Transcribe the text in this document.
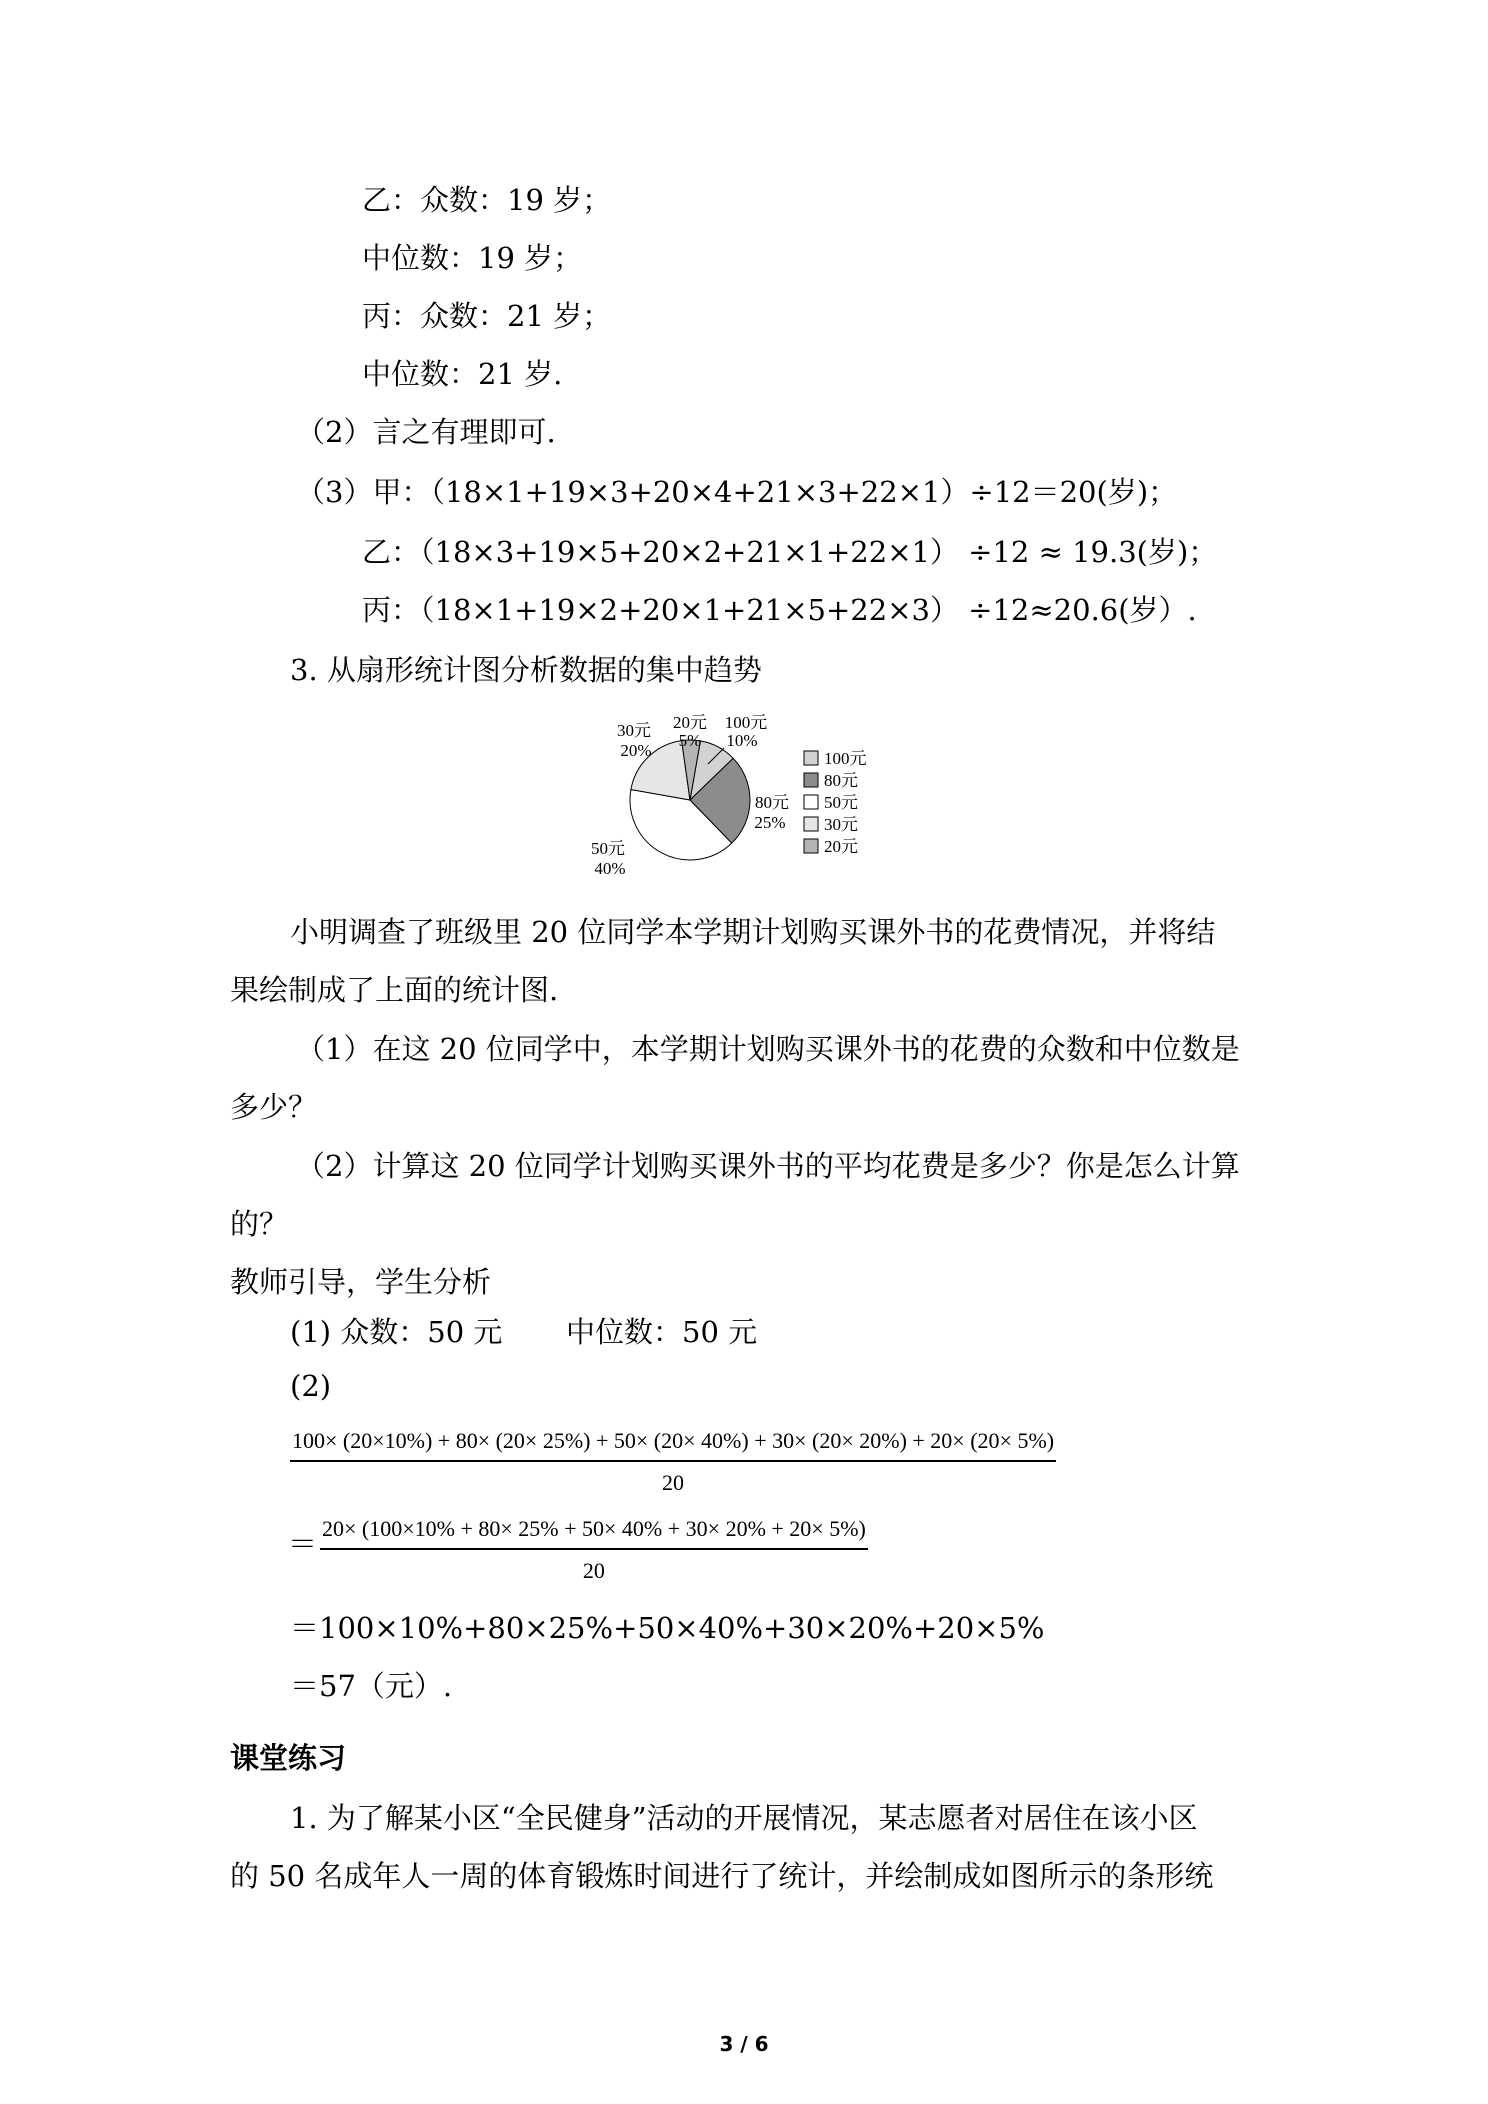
乙：众数：19 岁；
中位数：19 岁；
丙：众数：21 岁；
中位数：21 岁.
（2）言之有理即可.
（3）甲：（18×1+19×3+20×4+21×3+22×1）÷12＝20(岁)；
乙：（18×3+19×5+20×2+21×1+22×1） ÷12 ≈ 19.3(岁)；
丙：（18×1+19×2+20×1+21×5+22×3） ÷12≈20.6(岁）.
3. 从扇形统计图分析数据的集中趋势
30元
20%
20元
5%
100元
10%
80元
25%
50元
40%
100元
80元
50元
30元
20元
小明调查了班级里 20 位同学本学期计划购买课外书的花费情况，并将结
果绘制成了上面的统计图.
（1）在这 20 位同学中，本学期计划购买课外书的花费的众数和中位数是
多少？
（2）计算这 20 位同学计划购买课外书的平均花费是多少？你是怎么计算
的？
教师引导，学生分析
(1) 众数：50 元 中位数：50 元
(2)
100× (20×10%) + 80× (20× 25%) + 50× (20× 40%) + 30× (20× 20%) + 20× (20× 5%)
20
＝ $\frac{20\times (100\times 10\% + 80\times 25\% + 50\times 40\% + 30\times 20\% + 20\times 5\%)}{20}$
＝100×10%+80×25%+50×40%+30×20%+20×5%
＝57（元）.
课堂练习
1. 为了解某小区“全民健身”活动的开展情况，某志愿者对居住在该小区
的 50 名成年人一周的体育锻炼时间进行了统计，并绘制成如图所示的条形统
3 / 6
